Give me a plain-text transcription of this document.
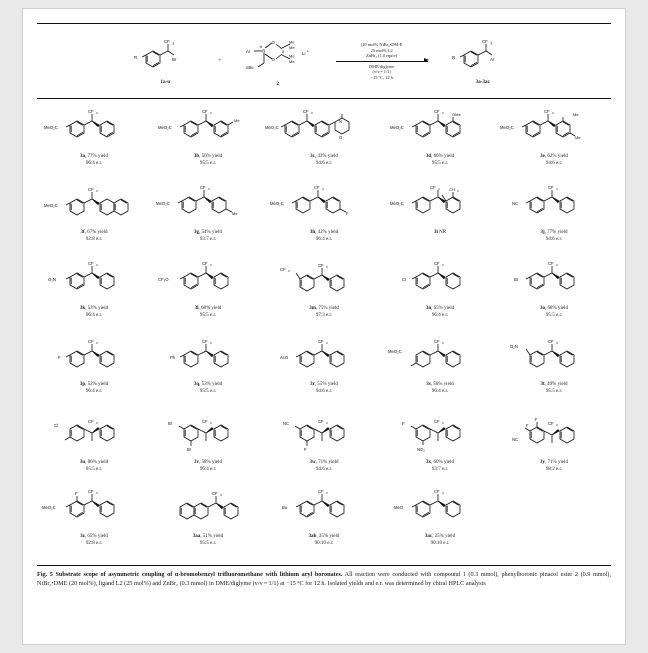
CF 3
Br
R
1a-u
+
Ar	B
O
O
Me
Me
Me
Me
nBu
Li +
⊖
2
[20 mol% NiBr₂•DM-E
25 mol% L2
ZnBr₂ (1.0 equiv)
DME/diglyme
(v/v = 1/1)
−15 °C, 12 h
CF 3
Ar
R
3a-3ac
CF 3
MeO₂C
3a, 77% yield
96:4 e.r.
CF 3
MeO₂C
Me
3b, 56% yield
95:5 e.r.
CF 3
MeO₂C
N
O
3c, 43% yield
94:6 e.r.
CF 3
MeO₂C
OMe
3d, 66% yield
95:5 e.r.
CF 3
MeO₂C
Me
Me
3e, 62% yield
94:6 e.r.
CF 3
MeO₂C
3f, 67% yield
92:8 e.r.
CF 3
MeO₂C
Me
3g, 54% yield
93:7 e.r.
CF 3
MeO₂C
F
3h, 42% yield
96:4 e.r.
CF 3
MeO₂C
CH 3
3i NR
CF 3
NC
3j, 77% yield
94:6 e.r.
CF 3
O₂N
3k, 53% yield
96:4 e.r.
CF 3
CF₃O
3l, 68% yield
95:5 e.r.
CF 3
CF 3
3m, 75% yield
97:3 e.r.
CF 3
Cl
3n, 65% yield
96:4 e.r.
CF 3
Br
3o, 68% yield
95:5 e.r.
CF 3
F
3p, 52% yield
96:4 e.r.
CF 3
Ph
3q, 53% yield
95:5 e.r.
CF 3
AcO
3r, 55% yield
94:6 e.r.
CF 3
MeO₂C
3s, 56% yield
96:4 e.r.
CF 3
O₂N
3t, 49% yield
95:5 e.r.
CF 3
Cl
3u, 86% yield
95:5 e.r.
CF 3
Br
Br
3v, 58% yield
96:4 e.r.
CF 3
NC
F
3w, 71% yield
94:6 e.r.
CF 3
F
NO₂
3x, 60% yield
93:7 e.r.
CF 3
NC
F
F
3y, 71% yield
98:2 e.r.
CF 3
MeO₂C
F
3z, 65% yield
92:8 e.r.
CF 3
3aa, 51% yield
95:5 e.r.
CF 3
Bu
3ab, 35% yield
90:10 e.r.
CF 3
MeO
3ac, 25% yield
90:10 e.r.
Fig. 5 Substrate scope of asymmetric coupling of α-bromobenzyl trifluoromethane with lithium aryl boronates. All reaction were conducted with compound 1 (0.3 mmol), phenylboronic pinacol ester 2 (0.9 mmol), NiBr₂•DME (20 mol%), ligand L2 (25 mol%) and ZnBr₂ (0.3 mmol) in DME/diglyme (v/v = 1/1) at −15 °C for 12 h. Isolated yields and e.r. was determined by chiral HPLC analysis
